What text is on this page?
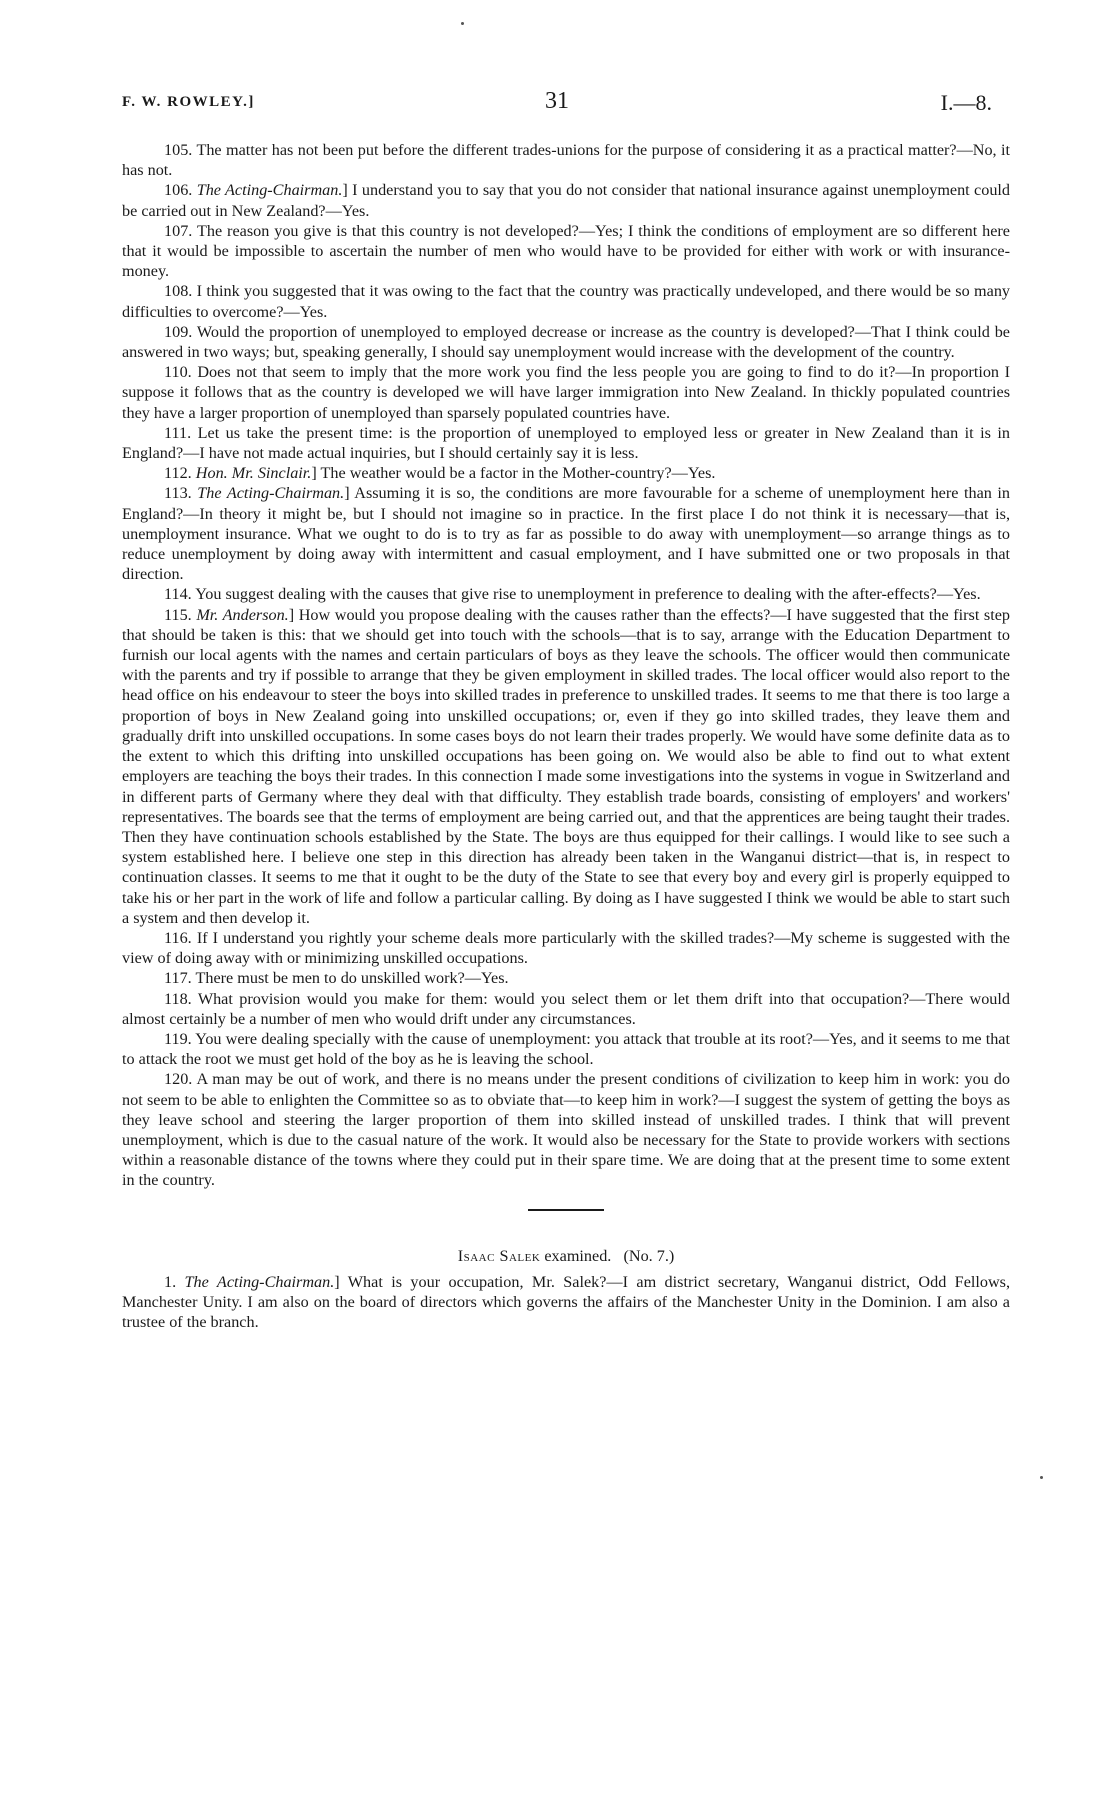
F. W. ROWLEY.]	31	I.—8.

105. The matter has not been put before the different trades-unions for the purpose of considering it as a practical matter?—No, it has not.

106. The Acting-Chairman.] I understand you to say that you do not consider that national insurance against unemployment could be carried out in New Zealand?—Yes.

107. The reason you give is that this country is not developed?—Yes; I think the conditions of employment are so different here that it would be impossible to ascertain the number of men who would have to be provided for either with work or with insurance-money.

108. I think you suggested that it was owing to the fact that the country was practically undeveloped, and there would be so many difficulties to overcome?—Yes.

109. Would the proportion of unemployed to employed decrease or increase as the country is developed?—That I think could be answered in two ways; but, speaking generally, I should say unemployment would increase with the development of the country.

110. Does not that seem to imply that the more work you find the less people you are going to find to do it?—In proportion I suppose it follows that as the country is developed we will have larger immigration into New Zealand. In thickly populated countries they have a larger proportion of unemployed than sparsely populated countries have.

111. Let us take the present time: is the proportion of unemployed to employed less or greater in New Zealand than it is in England?—I have not made actual inquiries, but I should certainly say it is less.

112. Hon. Mr. Sinclair.] The weather would be a factor in the Mother-country?—Yes.

113. The Acting-Chairman.] Assuming it is so, the conditions are more favourable for a scheme of unemployment here than in England?—In theory it might be, but I should not imagine so in practice. In the first place I do not think it is necessary—that is, unemployment insurance. What we ought to do is to try as far as possible to do away with unemployment—so arrange things as to reduce unemployment by doing away with intermittent and casual employment, and I have submitted one or two proposals in that direction.

114. You suggest dealing with the causes that give rise to unemployment in preference to dealing with the after-effects?—Yes.

115. Mr. Anderson.] How would you propose dealing with the causes rather than the effects?—I have suggested that the first step that should be taken is this: that we should get into touch with the schools—that is to say, arrange with the Education Department to furnish our local agents with the names and certain particulars of boys as they leave the schools. The officer would then communicate with the parents and try if possible to arrange that they be given employment in skilled trades. The local officer would also report to the head office on his endeavour to steer the boys into skilled trades in preference to unskilled trades. It seems to me that there is too large a proportion of boys in New Zealand going into unskilled occupations; or, even if they go into skilled trades, they leave them and gradually drift into unskilled occupations. In some cases boys do not learn their trades properly. We would have some definite data as to the extent to which this drifting into unskilled occupations has been going on. We would also be able to find out to what extent employers are teaching the boys their trades. In this connection I made some investigations into the systems in vogue in Switzerland and in different parts of Germany where they deal with that difficulty. They establish trade boards, consisting of employers' and workers' representatives. The boards see that the terms of employment are being carried out, and that the apprentices are being taught their trades. Then they have continuation schools established by the State. The boys are thus equipped for their callings. I would like to see such a system established here. I believe one step in this direction has already been taken in the Wanganui district—that is, in respect to continuation classes. It seems to me that it ought to be the duty of the State to see that every boy and every girl is properly equipped to take his or her part in the work of life and follow a particular calling. By doing as I have suggested I think we would be able to start such a system and then develop it.

116. If I understand you rightly your scheme deals more particularly with the skilled trades?—My scheme is suggested with the view of doing away with or minimizing unskilled occupations.

117. There must be men to do unskilled work?—Yes.

118. What provision would you make for them: would you select them or let them drift into that occupation?—There would almost certainly be a number of men who would drift under any circumstances.

119. You were dealing specially with the cause of unemployment: you attack that trouble at its root?—Yes, and it seems to me that to attack the root we must get hold of the boy as he is leaving the school.

120. A man may be out of work, and there is no means under the present conditions of civilization to keep him in work: you do not seem to be able to enlighten the Committee so as to obviate that—to keep him in work?—I suggest the system of getting the boys as they leave school and steering the larger proportion of them into skilled instead of unskilled trades. I think that will prevent unemployment, which is due to the casual nature of the work. It would also be necessary for the State to provide workers with sections within a reasonable distance of the towns where they could put in their spare time. We are doing that at the present time to some extent in the country.

Isaac Salek examined. (No. 7.)

1. The Acting-Chairman.] What is your occupation, Mr. Salek?—I am district secretary, Wanganui district, Odd Fellows, Manchester Unity. I am also on the board of directors which governs the affairs of the Manchester Unity in the Dominion. I am also a trustee of the branch.
